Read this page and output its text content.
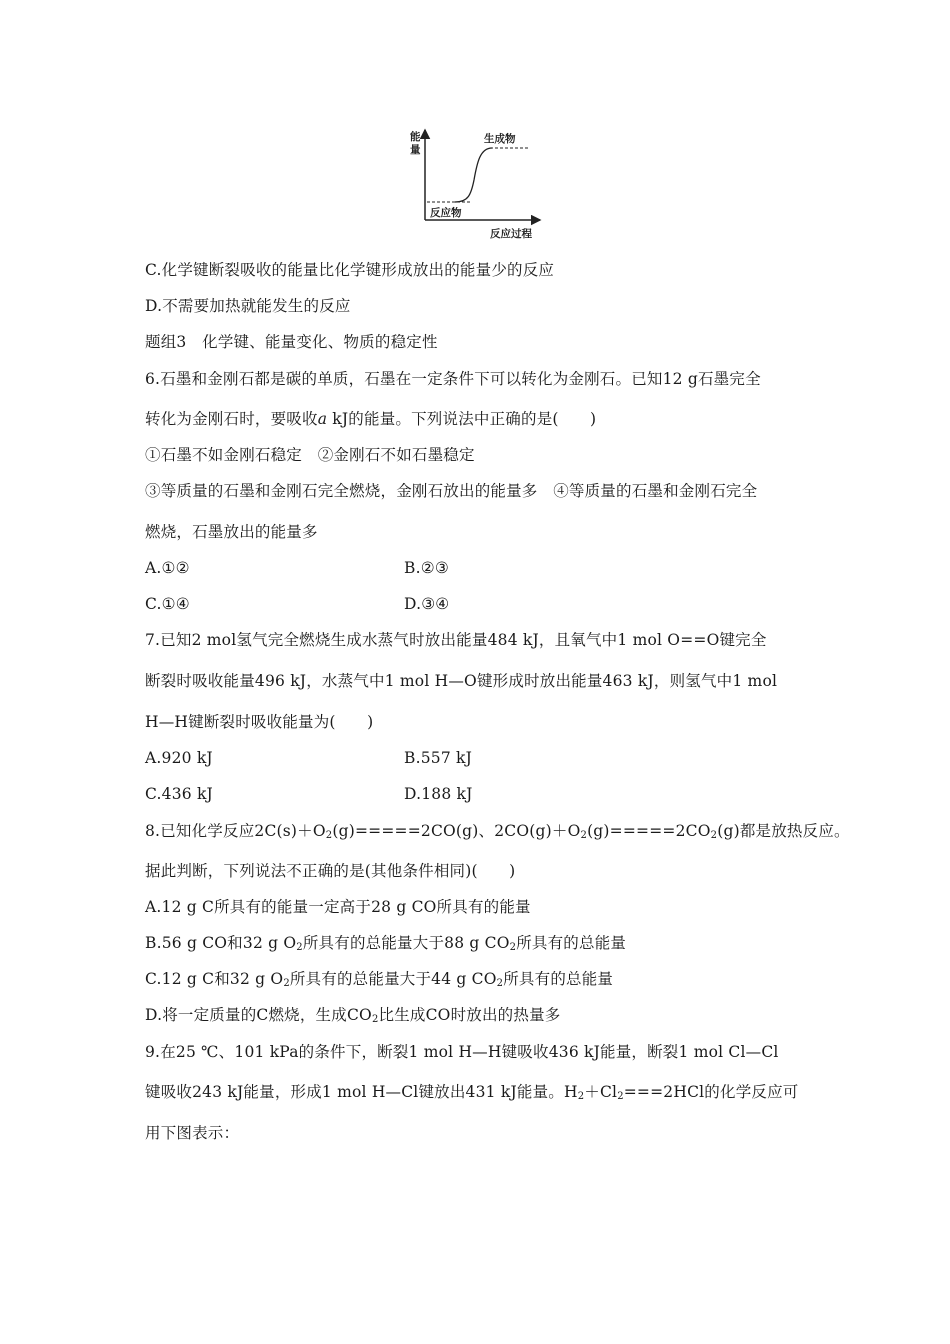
能
量
反应过程
生成物
反应物
C.化学键断裂吸收的能量比化学键形成放出的能量少的反应
D.不需要加热就能发生的反应
题组3　化学键、能量变化、物质的稳定性
6.石墨和金刚石都是碳的单质，石墨在一定条件下可以转化为金刚石。已知12 g石墨完全
转化为金刚石时，要吸收a kJ的能量。下列说法中正确的是(　　)
①石墨不如金刚石稳定　②金刚石不如石墨稳定
③等质量的石墨和金刚石完全燃烧，金刚石放出的能量多　④等质量的石墨和金刚石完全
燃烧，石墨放出的能量多
A.①②	B.②③
C.①④	D.③④
7.已知2 mol氢气完全燃烧生成水蒸气时放出能量484 kJ，且氧气中1 mol O==O键完全
断裂时吸收能量496 kJ，水蒸气中1 mol H—O键形成时放出能量463 kJ，则氢气中1 mol
H—H键断裂时吸收能量为(　　)
A.920 kJ	B.557 kJ
C.436 kJ	D.188 kJ
8.已知化学反应$2C(s)+O_2(g)=====2CO(g)$、$2CO(g)+O_2(g)=====2CO_2(g)$都是放热反应。
据此判断，下列说法不正确的是(其他条件相同)(　　)
A.12 g C所具有的能量一定高于28 g CO所具有的能量
B.56 g CO和32 g $O_2$所具有的总能量大于88 g $CO_2$所具有的总能量
C.12 g C和32 g $O_2$所具有的总能量大于44 g $CO_2$所具有的总能量
D.将一定质量的C燃烧，生成$CO_2$比生成CO时放出的热量多
9.在25 ℃、101 kPa的条件下，断裂1 mol H—H键吸收436 kJ能量，断裂1 mol Cl—Cl
键吸收243 kJ能量，形成1 mol H—Cl键放出431 kJ能量。$H_2+Cl_2===2HCl$的化学反应可
用下图表示：
